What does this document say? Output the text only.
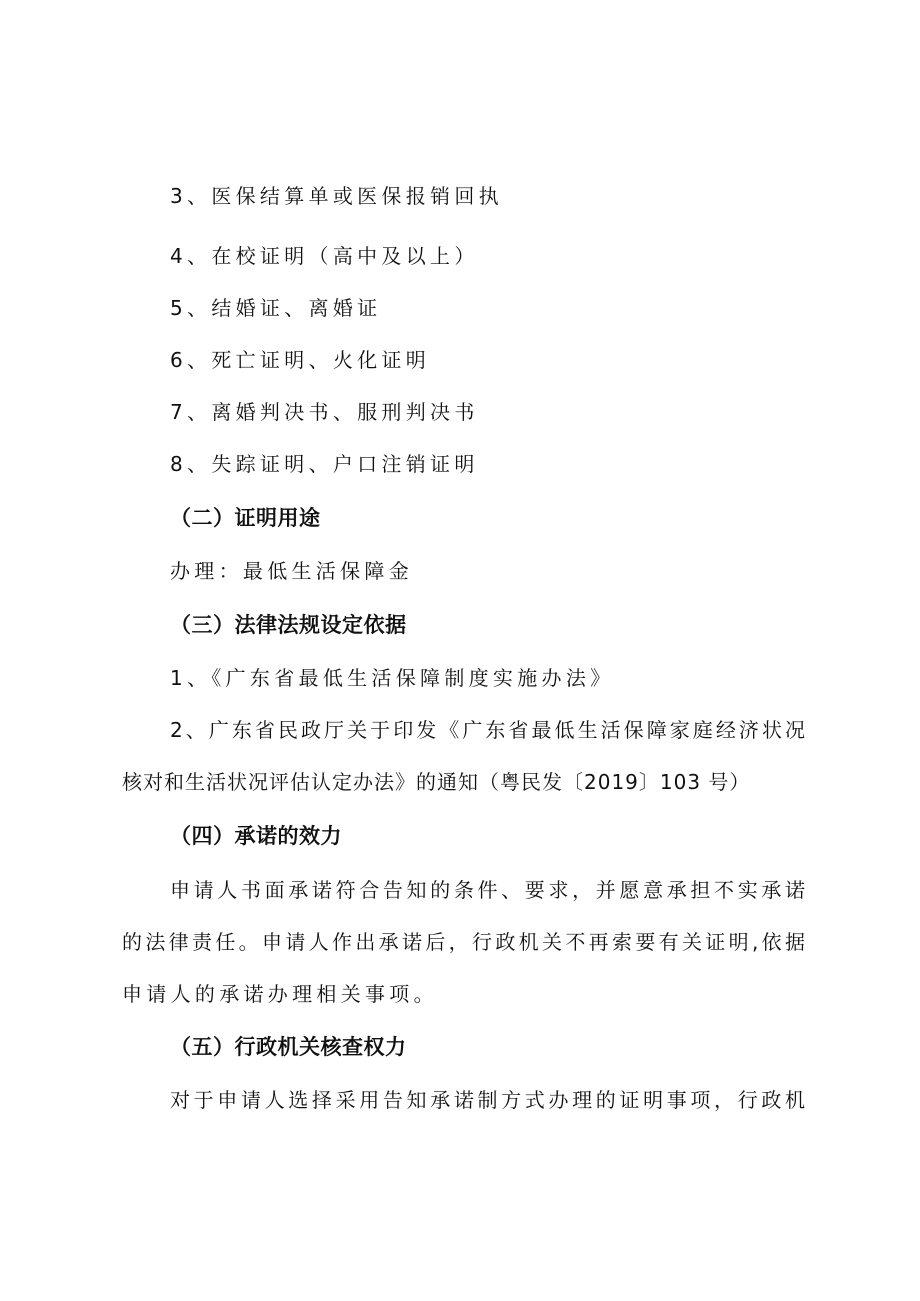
3、医保结算单或医保报销回执
4、在校证明（高中及以上）
5、结婚证、离婚证
6、死亡证明、火化证明
7、离婚判决书、服刑判决书
8、失踪证明、户口注销证明
（二）证明用途
办理：最低生活保障金
（三）法律法规设定依据
1、《广东省最低生活保障制度实施办法》
2、广东省民政厅关于印发《广东省最低生活保障家庭经济状况
核对和生活状况评估认定办法》的通知（粤民发〔2019〕103 号）
（四）承诺的效力
申请人书面承诺符合告知的条件、要求，并愿意承担不实承诺
的法律责任。申请人作出承诺后，行政机关不再索要有关证明,依据
申请人的承诺办理相关事项。
（五）行政机关核查权力
对于申请人选择采用告知承诺制方式办理的证明事项，行政机
